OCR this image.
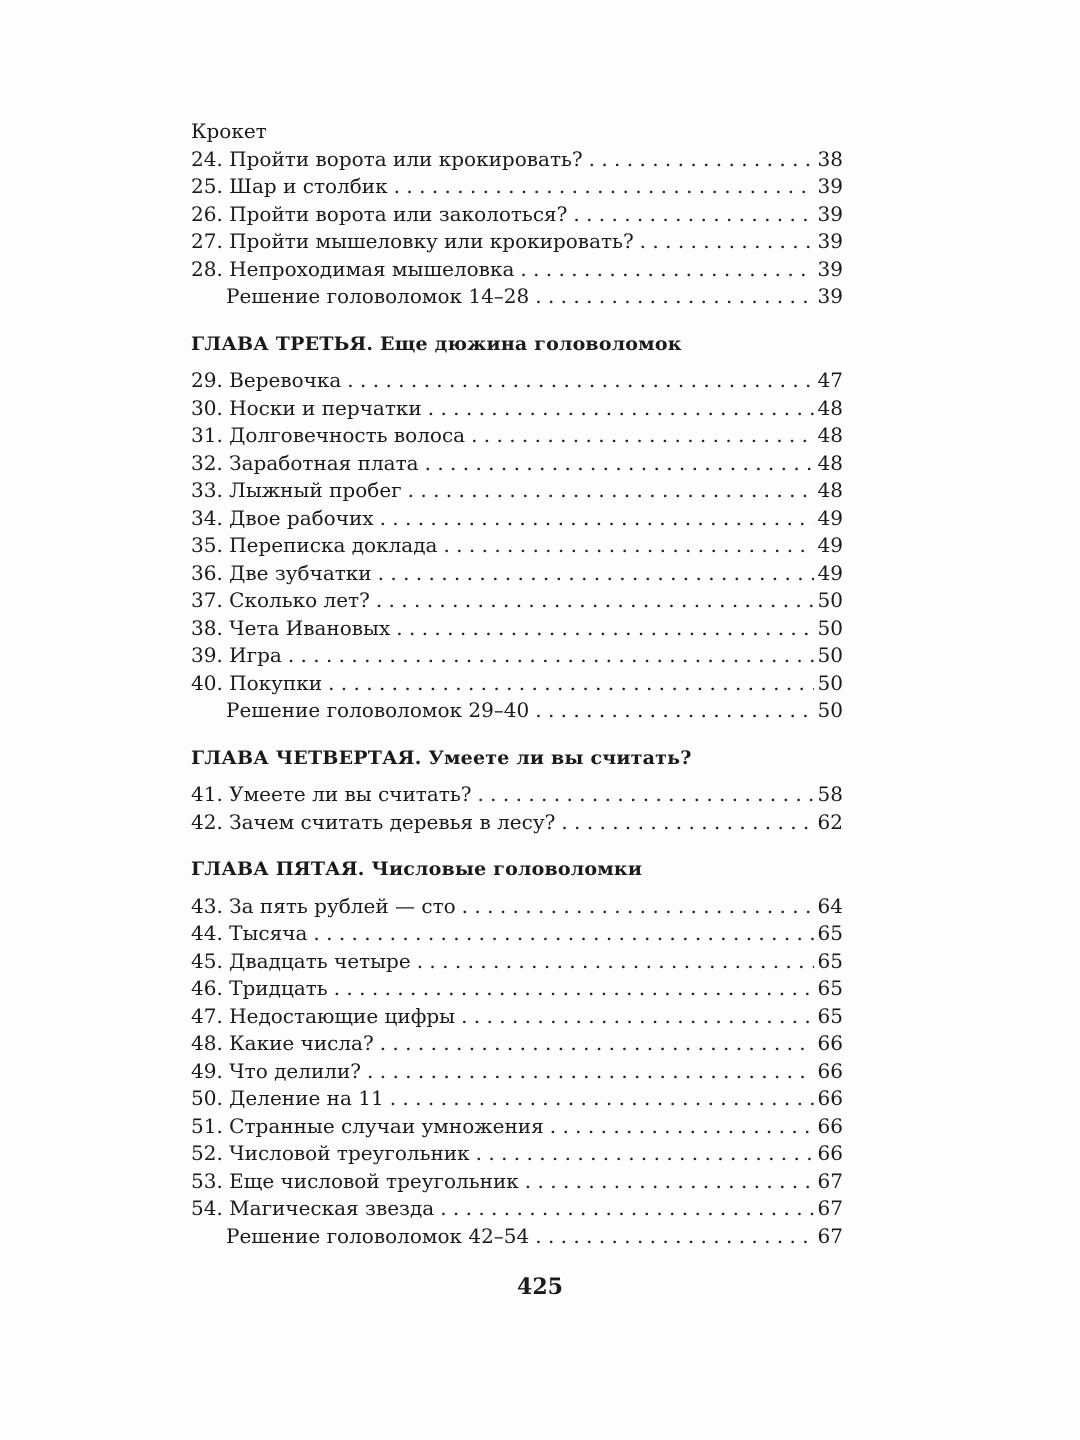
Крокет
24. Пройти ворота или крокировать? . . .	38
25. Шар и столбик . . .	39
26. Пройти ворота или заколоться? . . .	39
27. Пройти мышеловку или крокировать? . . .	39
28. Непроходимая мышеловка . . .	39
Решение головоломок 14–28 . . .	39
ГЛАВА ТРЕТЬЯ. Еще дюжина головоломок
29. Веревочка . . .	47
30. Носки и перчатки . . .	48
31. Долговечность волоса . . .	48
32. Заработная плата . . .	48
33. Лыжный пробег . . .	48
34. Двое рабочих . . .	49
35. Переписка доклада . . .	49
36. Две зубчатки . . .	49
37. Сколько лет? . . .	50
38. Чета Ивановых . . .	50
39. Игра . . .	50
40. Покупки . . .	50
Решение головоломок 29–40 . . .	50
ГЛАВА ЧЕТВЕРТАЯ. Умеете ли вы считать?
41. Умеете ли вы считать? . . .	58
42. Зачем считать деревья в лесу? . . .	62
ГЛАВА ПЯТАЯ. Числовые головоломки
43. За пять рублей — сто . . .	64
44. Тысяча . . .	65
45. Двадцать четыре . . .	65
46. Тридцать . . .	65
47. Недостающие цифры . . .	65
48. Какие числа? . . .	66
49. Что делили? . . .	66
50. Деление на 11 . . .	66
51. Странные случаи умножения . . .	66
52. Числовой треугольник . . .	66
53. Еще числовой треугольник . . .	67
54. Магическая звезда . . .	67
Решение головоломок 42–54 . . .	67
425
